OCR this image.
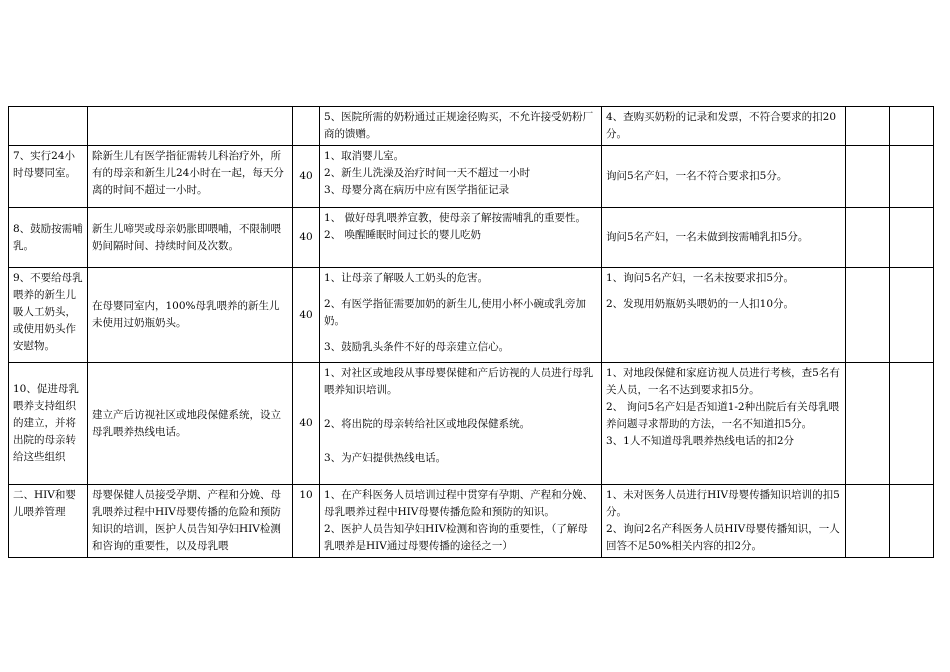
			5、医院所需的奶粉通过正规途径购买，不允许接受奶粉厂商的馈赠。	4、查购买奶粉的记录和发票，不符合要求的扣20分。		

7、实行24小时母婴同室。	除新生儿有医学指征需转儿科治疗外，所有的母亲和新生儿24小时在一起，每天分离的时间不超过一小时。	40	1、取消婴儿室。
2、新生儿洗澡及治疗时间一天不超过一小时
3、母婴分离在病历中应有医学指征记录	询问5名产妇，一名不符合要求扣5分。		

8、鼓励按需哺乳。	新生儿啼哭或母亲奶胀即喂哺，不限制喂奶间隔时间、持续时间及次数。	40	1、 做好母乳喂养宣教，使母亲了解按需哺乳的重要性。
2、 唤醒睡眠时间过长的婴儿吃奶	询问5名产妇，一名未做到按需哺乳扣5分。		

9、不要给母乳喂养的新生儿吸人工奶头，或使用奶头作安慰物。	在母婴同室内，100%母乳喂养的新生儿未使用过奶瓶奶头。	40	1、让母亲了解吸人工奶头的危害。
2、有医学指征需要加奶的新生儿,使用小杯小碗或乳旁加奶。
3、鼓励乳头条件不好的母亲建立信心。	1、询问5名产妇，一名未按要求扣5分。
2、发现用奶瓶奶头喂奶的一人扣10分。		

10、促进母乳喂养支持组织的建立，并将出院的母亲转给这些组织	建立产后访视社区或地段保健系统，设立母乳喂养热线电话。	40	1、对社区或地段从事母婴保健和产后访视的人员进行母乳喂养知识培训。
2、将出院的母亲转给社区或地段保健系统。
3、为产妇提供热线电话。	1、对地段保健和家庭访视人员进行考核，查5名有关人员，一名不达到要求扣5分。
2、 询问5名产妇是否知道1-2种出院后有关母乳喂养问题寻求帮助的方法，一名不知道扣5分。
3、1人不知道母乳喂养热线电话的扣2分		

二、HIV和婴儿喂养管理	母婴保健人员接受孕期、产程和分娩、母乳喂养过程中HIV母婴传播的危险和预防知识的培训，医护人员告知孕妇HIV检测和咨询的重要性，以及母乳喂	10	1、在产科医务人员培训过程中贯穿有孕期、产程和分娩、母乳喂养过程中HIV母婴传播危险和预防的知识。
2、医护人员告知孕妇HIV检测和咨询的重要性，（了解母乳喂养是HIV通过母婴传播的途径之一）	1、未对医务人员进行HIV母婴传播知识培训的扣5分。
2、询问2名产科医务人员HIV母婴传播知识，一人回答不足50%相关内容的扣2分。		
